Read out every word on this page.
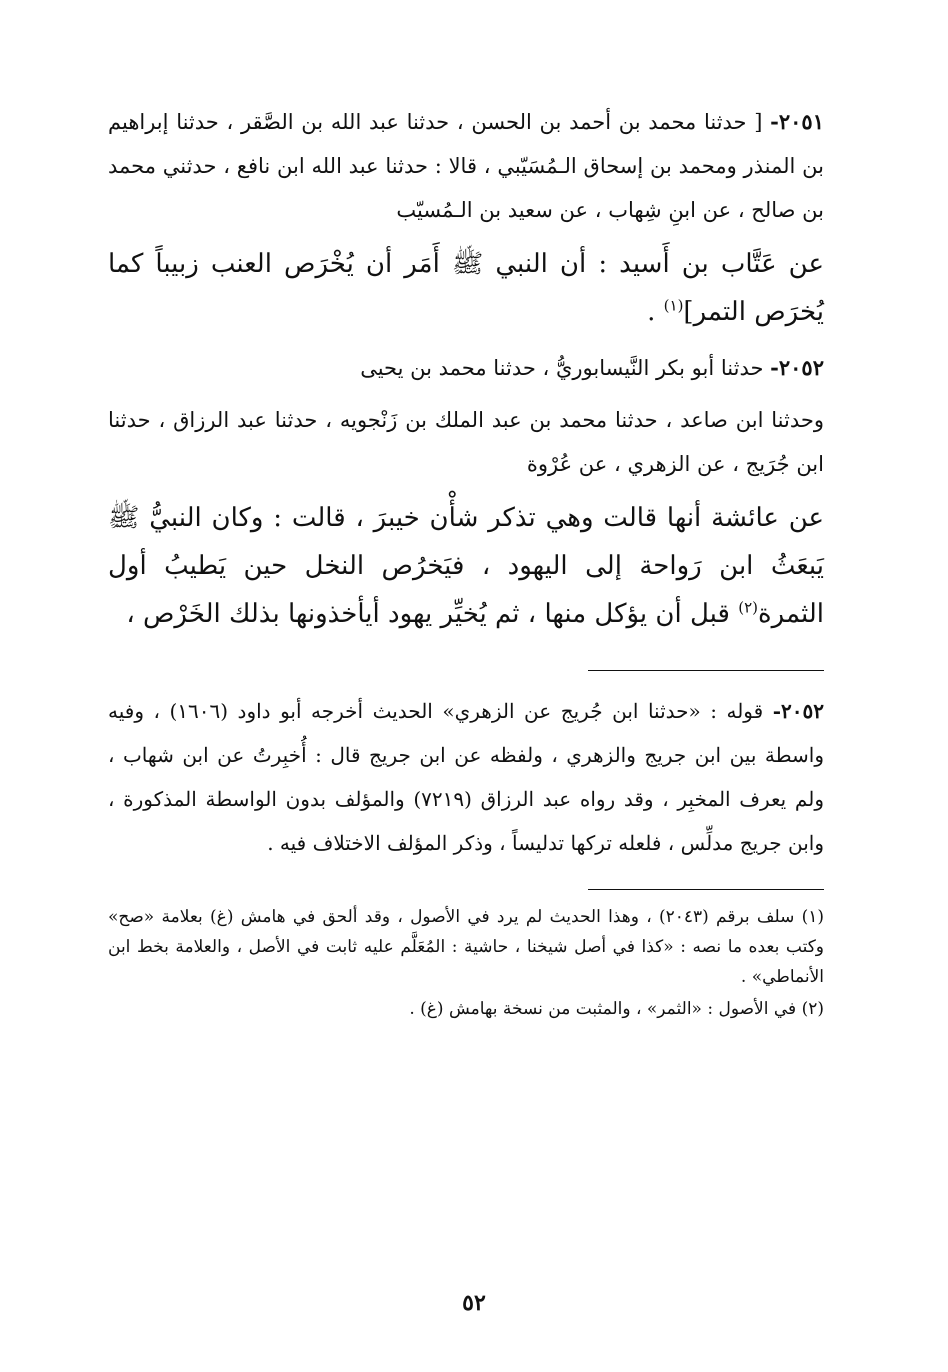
٢٠٥١- [ حدثنا محمد بن أحمد بن الحسن ، حدثنا عبد الله بن الصَّقر ، حدثنا إبراهيم بن المنذر ومحمد بن إسحاق الـمُسَيّبي ، قالا : حدثنا عبد الله ابن نافع ، حدثني محمد بن صالح ، عن ابنِ شِهاب ، عن سعيد بن الـمُسيّب

عن عَتَّاب بن أَسيد : أن النبي ﷺ أَمَر أن يُخْرَص العنب زبيباً كما يُخرَص التمر]$^{(١)}$ .

٢٠٥٢- حدثنا أبو بكر النَّيسابوريُّ ، حدثنا محمد بن يحيى

وحدثنا ابن صاعد ، حدثنا محمد بن عبد الملك بن زَنْجويه ، حدثنا عبد الرزاق ، حدثنا ابن جُرَيج ، عن الزهري ، عن عُرْوة

عن عائشة أنها قالت وهي تذكر شأْن خيبرَ ، قالت : وكان النبيُّ ﷺ يَبعَثُ ابن رَواحة إلى اليهود ، فيَخرُص النخل حين يَطيبُ أول الثمرة$^{(٢)}$ قبل أن يؤكل منها ، ثم يُخيِّر يهود أيأخذونها بذلك الخَرْص ،

٢٠٥٢- قوله : «حدثنا ابن جُريج عن الزهري» الحديث أخرجه أبو داود (١٦٠٦) ، وفيه واسطة بين ابن جريج والزهري ، ولفظه عن ابن جريج قال : أُخبِرتُ عن ابن شهاب ، ولم يعرف المخبِر ، وقد رواه عبد الرزاق (٧٢١٩) والمؤلف بدون الواسطة المذكورة ، وابن جريج مدلِّس ، فلعله تركها تدليساً ، وذكر المؤلف الاختلاف فيه .

(١) سلف برقم (٢٠٤٣) ، وهذا الحديث لم يرد في الأصول ، وقد ألحق في هامش (غ) بعلامة «صح» وكتب بعده ما نصه : «كذا في أصل شيخنا ، حاشية : المُعَلَّم عليه ثابت في الأصل ، والعلامة بخط ابن الأنماطي» .

(٢) في الأصول : «الثمر» ، والمثبت من نسخة بهامش (غ) .

٥٢
